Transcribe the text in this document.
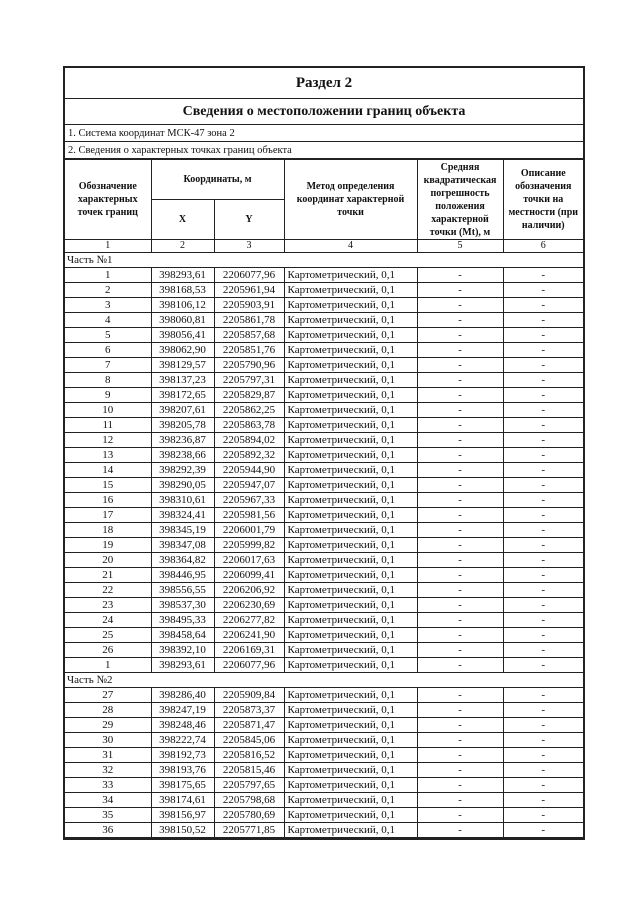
Раздел 2
Сведения о местоположении границ объекта
1. Система координат МСК-47 зона 2
2. Сведения о характерных точках границ объекта
Обозначение характерных точек границ	Координаты, м		Метод определения координат характерной точки	Средняя квадратическая погрешность положения характерной точки (Mt), м	Описание обозначения точки на местности (при наличии)
	X	Y			
1	2	3	4	5	6
Часть №1					
1	398293,61	2206077,96	Картометрический, 0,1	-	-
2	398168,53	2205961,94	Картометрический, 0,1	-	-
3	398106,12	2205903,91	Картометрический, 0,1	-	-
4	398060,81	2205861,78	Картометрический, 0,1	-	-
5	398056,41	2205857,68	Картометрический, 0,1	-	-
6	398062,90	2205851,76	Картометрический, 0,1	-	-
7	398129,57	2205790,96	Картометрический, 0,1	-	-
8	398137,23	2205797,31	Картометрический, 0,1	-	-
9	398172,65	2205829,87	Картометрический, 0,1	-	-
10	398207,61	2205862,25	Картометрический, 0,1	-	-
11	398205,78	2205863,78	Картометрический, 0,1	-	-
12	398236,87	2205894,02	Картометрический, 0,1	-	-
13	398238,66	2205892,32	Картометрический, 0,1	-	-
14	398292,39	2205944,90	Картометрический, 0,1	-	-
15	398290,05	2205947,07	Картометрический, 0,1	-	-
16	398310,61	2205967,33	Картометрический, 0,1	-	-
17	398324,41	2205981,56	Картометрический, 0,1	-	-
18	398345,19	2206001,79	Картометрический, 0,1	-	-
19	398347,08	2205999,82	Картометрический, 0,1	-	-
20	398364,82	2206017,63	Картометрический, 0,1	-	-
21	398446,95	2206099,41	Картометрический, 0,1	-	-
22	398556,55	2206206,92	Картометрический, 0,1	-	-
23	398537,30	2206230,69	Картометрический, 0,1	-	-
24	398495,33	2206277,82	Картометрический, 0,1	-	-
25	398458,64	2206241,90	Картометрический, 0,1	-	-
26	398392,10	2206169,31	Картометрический, 0,1	-	-
1	398293,61	2206077,96	Картометрический, 0,1	-	-
Часть №2					
27	398286,40	2205909,84	Картометрический, 0,1	-	-
28	398247,19	2205873,37	Картометрический, 0,1	-	-
29	398248,46	2205871,47	Картометрический, 0,1	-	-
30	398222,74	2205845,06	Картометрический, 0,1	-	-
31	398192,73	2205816,52	Картометрический, 0,1	-	-
32	398193,76	2205815,46	Картометрический, 0,1	-	-
33	398175,65	2205797,65	Картометрический, 0,1	-	-
34	398174,61	2205798,68	Картометрический, 0,1	-	-
35	398156,97	2205780,69	Картометрический, 0,1	-	-
36	398150,52	2205771,85	Картометрический, 0,1	-	-
